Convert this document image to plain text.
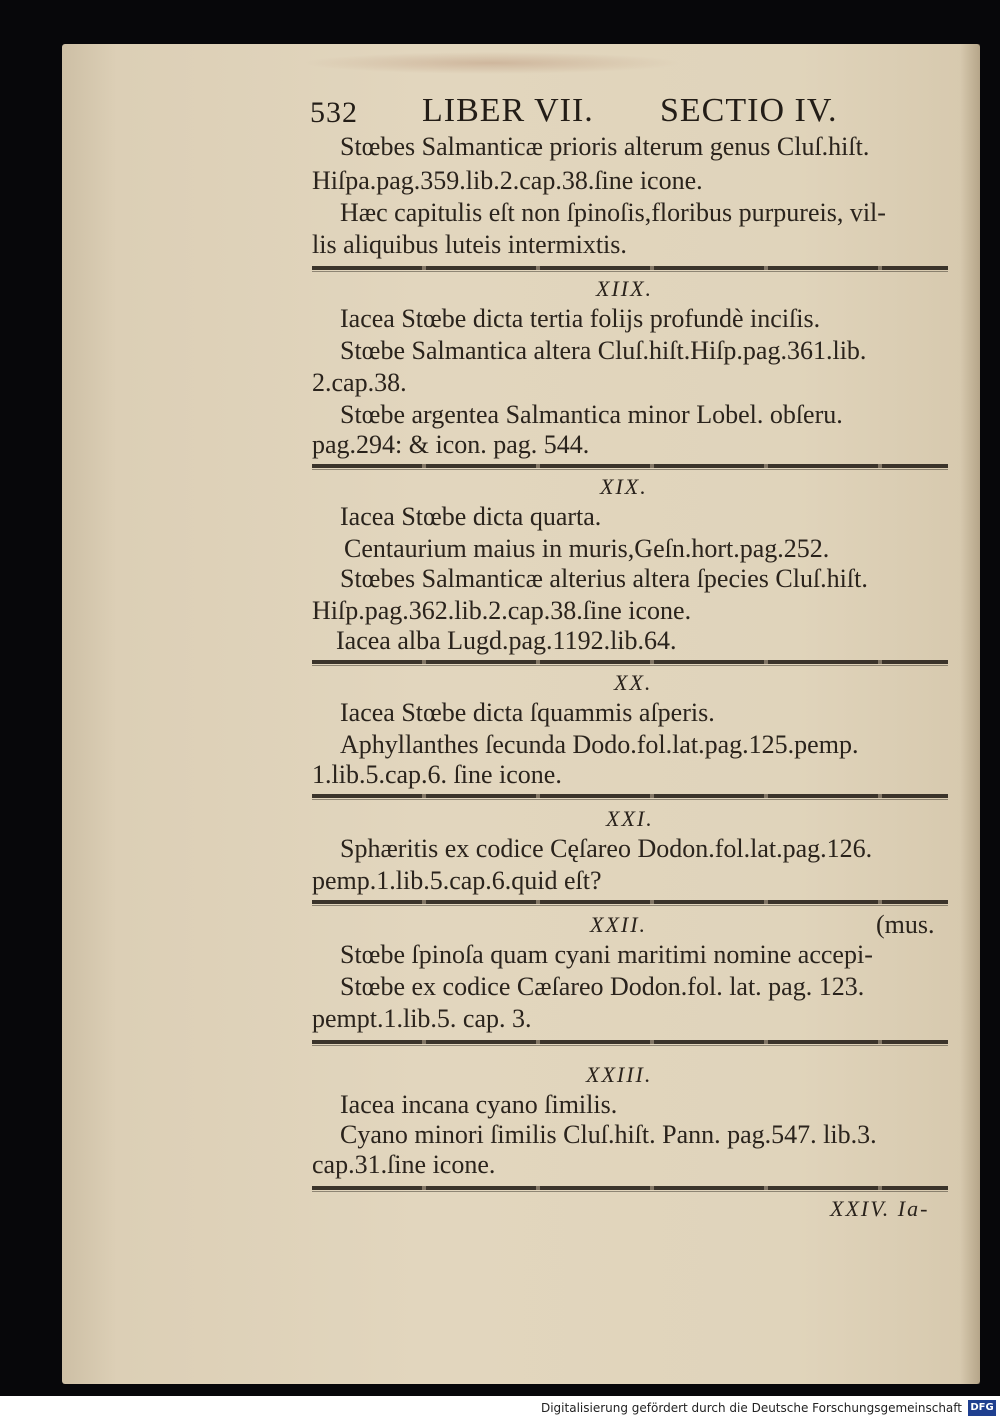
532 LIBER VII. SECTIO IV.
Stœbes Salmanticæ prioris alterum genus Cluſ.hiſt.
Hiſpa.pag.359.lib.2.cap.38.ſine icone.
Hæc capitulis eſt non ſpinoſis,floribus purpureis, vil-
lis aliquibus luteis intermixtis.
XIIX.
Iacea Stœbe dicta tertia folijs profundè inciſis.
Stœbe Salmantica altera Cluſ.hiſt.Hiſp.pag.361.lib.
2.cap.38.
Stœbe argentea Salmantica minor Lobel. obſeru.
pag.294: & icon. pag. 544.
XIX.
Iacea Stœbe dicta quarta.
Centaurium maius in muris,Geſn.hort.pag.252.
Stœbes Salmanticæ alterius altera ſpecies Cluſ.hiſt.
Hiſp.pag.362.lib.2.cap.38.ſine icone.
Iacea alba Lugd.pag.1192.lib.64.
XX.
Iacea Stœbe dicta ſquammis aſperis.
Aphyllanthes ſecunda Dodo.fol.lat.pag.125.pemp.
1.lib.5.cap.6. ſine icone.
XXI.
Sphæritis ex codice Cęſareo Dodon.fol.lat.pag.126.
pemp.1.lib.5.cap.6.quid eſt?
XXII.	(mus.
Stœbe ſpinoſa quam cyani maritimi nomine accepi-
Stœbe ex codice Cæſareo Dodon.fol. lat. pag. 123.
pempt.1.lib.5. cap. 3.
XXIII.
Iacea incana cyano ſimilis.
Cyano minori ſimilis Cluſ.hiſt. Pann. pag.547. lib.3.
cap.31.ſine icone.
XXIV. Ia-
Digitalisierung gefördert durch die Deutsche Forschungsgemeinschaft DFG
